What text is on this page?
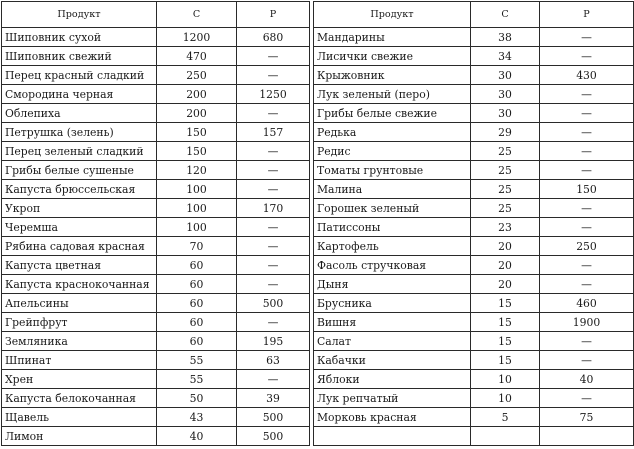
Продукт	С	Р
Шиповник сухой	1200	680
Шиповник свежий	470	—
Перец красный сладкий	250	—
Смородина черная	200	1250
Облепиха	200	—
Петрушка (зелень)	150	157
Перец зеленый сладкий	150	—
Грибы белые сушеные	120	—
Капуста брюссельская	100	—
Укроп	100	170
Черемша	100	—
Рябина садовая красная	70	—
Капуста цветная	60	—
Капуста краснокочанная	60	—
Апельсины	60	500
Грейпфрут	60	—
Земляника	60	195
Шпинат	55	63
Хрен	55	—
Капуста белокочанная	50	39
Щавель	43	500
Лимон	40	500
Продукт	С	Р
Мандарины	38	—
Лисички свежие	34	—
Крыжовник	30	430
Лук зеленый (перо)	30	—
Грибы белые свежие	30	—
Редька	29	—
Редис	25	—
Томаты грунтовые	25	—
Малина	25	150
Горошек зеленый	25	—
Патиссоны	23	—
Картофель	20	250
Фасоль стручковая	20	—
Дыня	20	—
Брусника	15	460
Вишня	15	1900
Салат	15	—
Кабачки	15	—
Яблоки	10	40
Лук репчатый	10	—
Морковь красная	5	75
